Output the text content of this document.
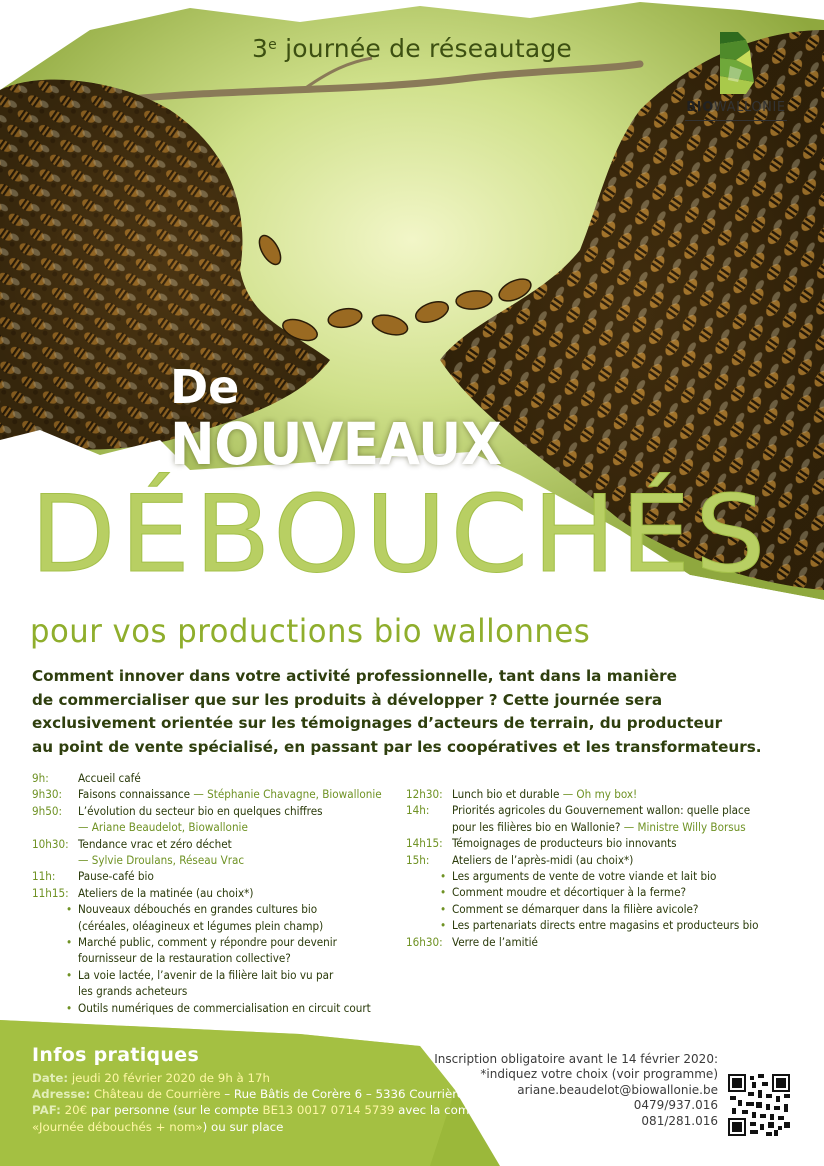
3e journée de réseautage
BIOWALLONIE
De
NOUVEAUX
DÉBOUCHÉS
pour vos productions bio wallonnes
Comment innover dans votre activité professionnelle, tant dans la manière
de commercialiser que sur les produits à développer ? Cette journée sera
exclusivement orientée sur les témoignages d’acteurs de terrain, du producteur
au point de vente spécialisé, en passant par les coopératives et les transformateurs.
9h:	Accueil café
9h30:	Faisons connaissance
— Stéphanie Chavagne, Biowallonie
9h50:	L’évolution du secteur bio en quelques chiffres
— Ariane Beaudelot, Biowallonie
10h30: Tendance vrac et zéro déchet
— Sylvie Droulans, Réseau Vrac
11h:	Pause-café bio
11h15: Ateliers de la matinée (au choix*)
• Nouveaux débouchés en grandes cultures bio
(céréales, oléagineux et légumes plein champ)
• Marché public, comment y répondre pour devenir
fournisseur de la restauration collective?
• La voie lactée, l’avenir de la filière lait bio vu par
les grands acheteurs
• Outils numériques de commercialisation en circuit court
12h30: Lunch bio et durable
— Oh my box!
14h:	Priorités agricoles du Gouvernement wallon: quelle place
pour les filières bio en Wallonie?
— Ministre Willy Borsus
14h15: Témoignages de producteurs bio innovants
15h:	Ateliers de l’après-midi (au choix*)
• Les arguments de vente de votre viande et lait bio
• Comment moudre et décortiquer à la ferme?
• Comment se démarquer dans la filière avicole?
• Les partenariats directs entre magasins et producteurs bio
16h30: Verre de l’amitié
Infos pratiques
Date: jeudi 20 février 2020 de 9h à 17h
Adresse: Château de Courrière – Rue Bâtis de Corère 6 – 5336 Courrière
PAF: 20€ par personne (sur le compte BE13 0017 0714 5739 avec la communication
«Journée débouchés + nom») ou sur place
Inscription obligatoire avant le 14 février 2020:
*indiquez votre choix (voir programme)
ariane.beaudelot@biowallonie.be
0479/937.016
081/281.016
